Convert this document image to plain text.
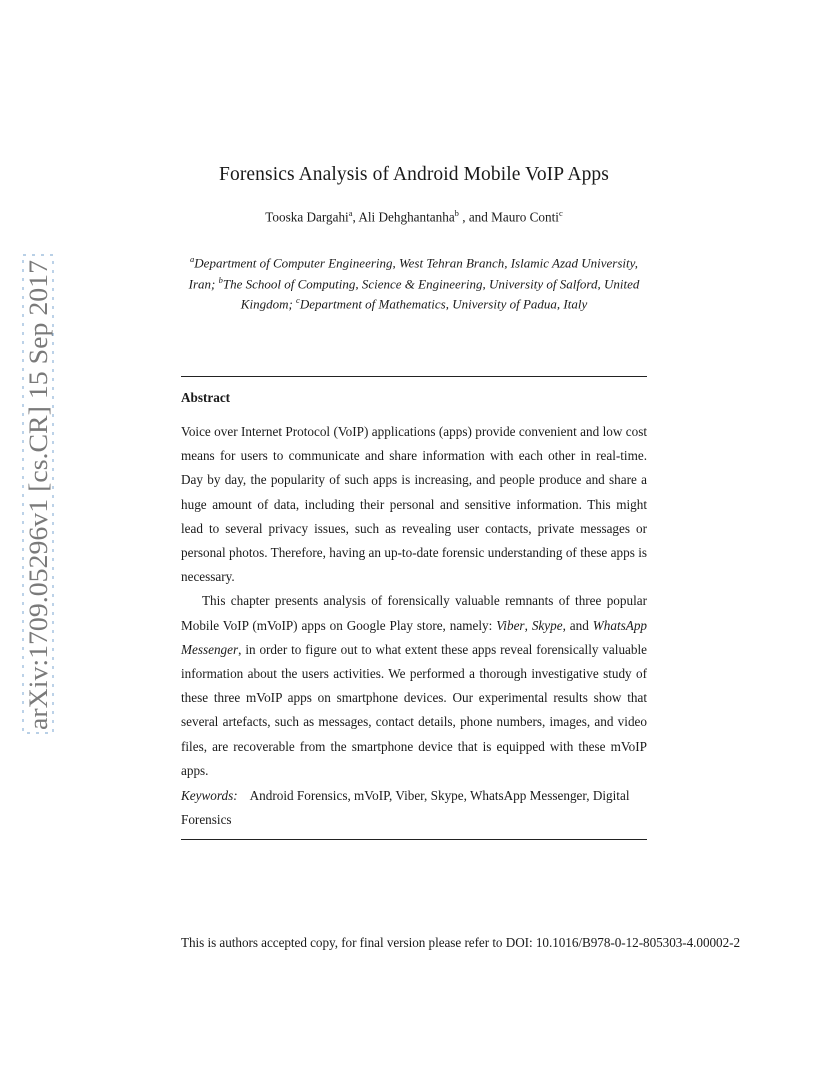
arXiv:1709.05296v1 [cs.CR] 15 Sep 2017
Forensics Analysis of Android Mobile VoIP Apps
Tooska Dargahi$^a$, Ali Dehghantanha$^b$ , and Mauro Conti$^c$
$^a$Department of Computer Engineering, West Tehran Branch, Islamic Azad University, Iran; $^b$The School of Computing, Science & Engineering, University of Salford, United Kingdom; $^c$Department of Mathematics, University of Padua, Italy
Abstract

Voice over Internet Protocol (VoIP) applications (apps) provide convenient and low cost means for users to communicate and share information with each other in real-time. Day by day, the popularity of such apps is increasing, and people produce and share a huge amount of data, including their personal and sensitive information. This might lead to several privacy issues, such as revealing user contacts, private messages or personal photos. Therefore, having an up-to-date forensic understanding of these apps is necessary.

This chapter presents analysis of forensically valuable remnants of three popular Mobile VoIP (mVoIP) apps on Google Play store, namely: Viber, Skype, and WhatsApp Messenger, in order to figure out to what extent these apps reveal forensically valuable information about the users activities. We performed a thorough investigative study of these three mVoIP apps on smartphone devices. Our experimental results show that several artefacts, such as messages, contact details, phone numbers, images, and video files, are recoverable from the smartphone device that is equipped with these mVoIP apps.

Keywords: Android Forensics, mVoIP, Viber, Skype, WhatsApp Messenger, Digital Forensics
This is authors accepted copy, for final version please refer to DOI: 10.1016/B978-0-12-805303-4.00002-2
